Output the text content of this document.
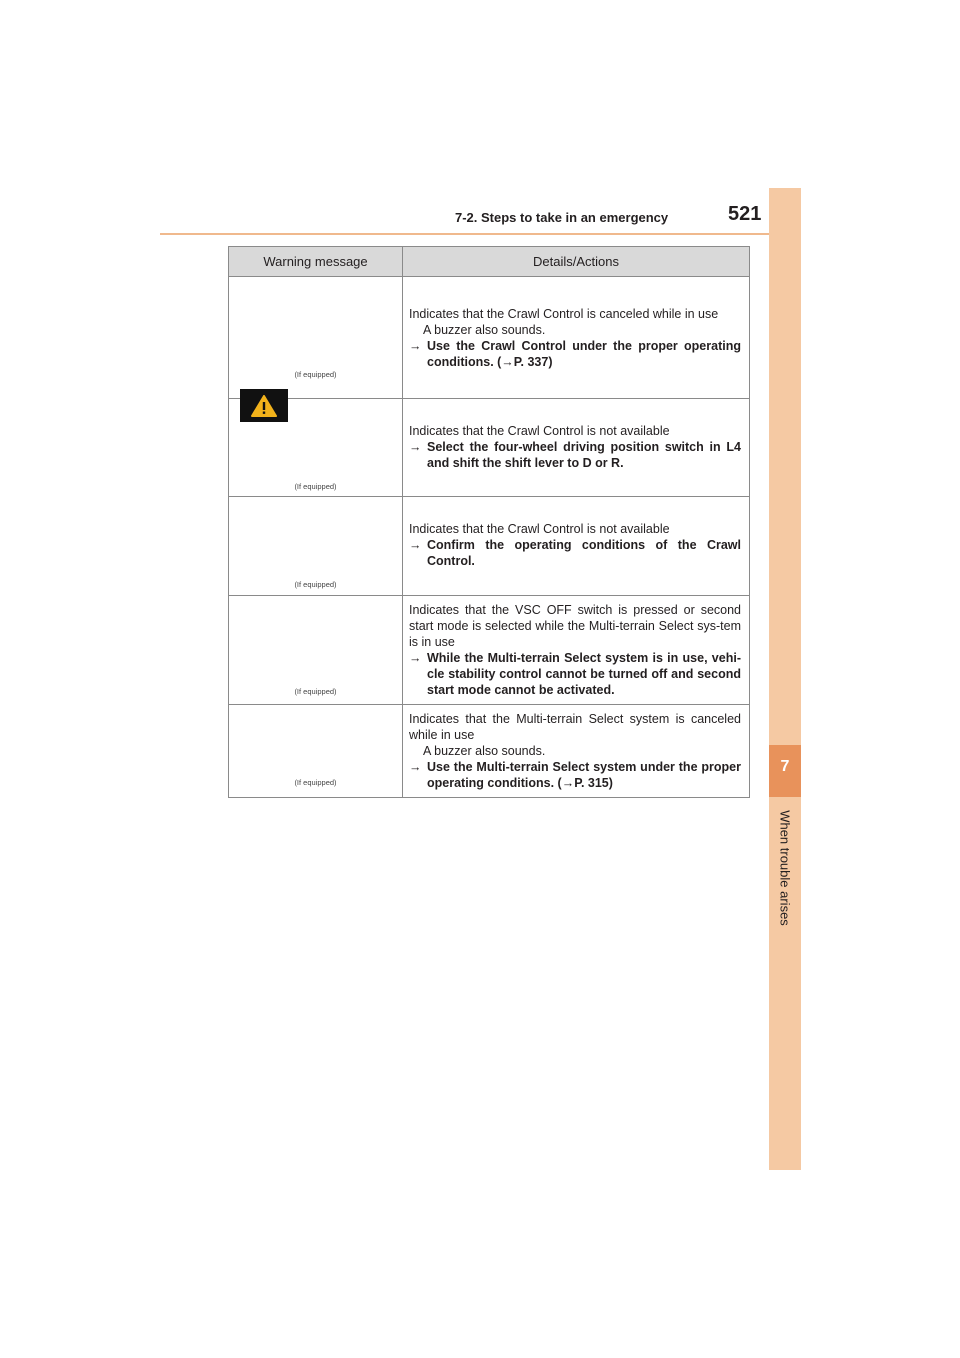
7-2. Steps to take in an emergency	521
7
When trouble arises
Warning message	Details/Actions

(If equipped)	Indicates that the Crawl Control is canceled while in use
A buzzer also sounds.
→ Use the Crawl Control under the proper operating conditions. (→P. 337)

(If equipped)	Indicates that the Crawl Control is not available
→ Select the four-wheel driving position switch in L4 and shift the shift lever to D or R.

(If equipped)	Indicates that the Crawl Control is not available
→ Confirm the operating conditions of the Crawl Control.

(If equipped)	Indicates that the VSC OFF switch is pressed or second start mode is selected while the Multi-terrain Select sys-tem is in use
→ While the Multi-terrain Select system is in use, vehi-cle stability control cannot be turned off and second start mode cannot be activated.

(If equipped)	Indicates that the Multi-terrain Select system is canceled while in use
A buzzer also sounds.
→ Use the Multi-terrain Select system under the proper operating conditions. (→P. 315)
